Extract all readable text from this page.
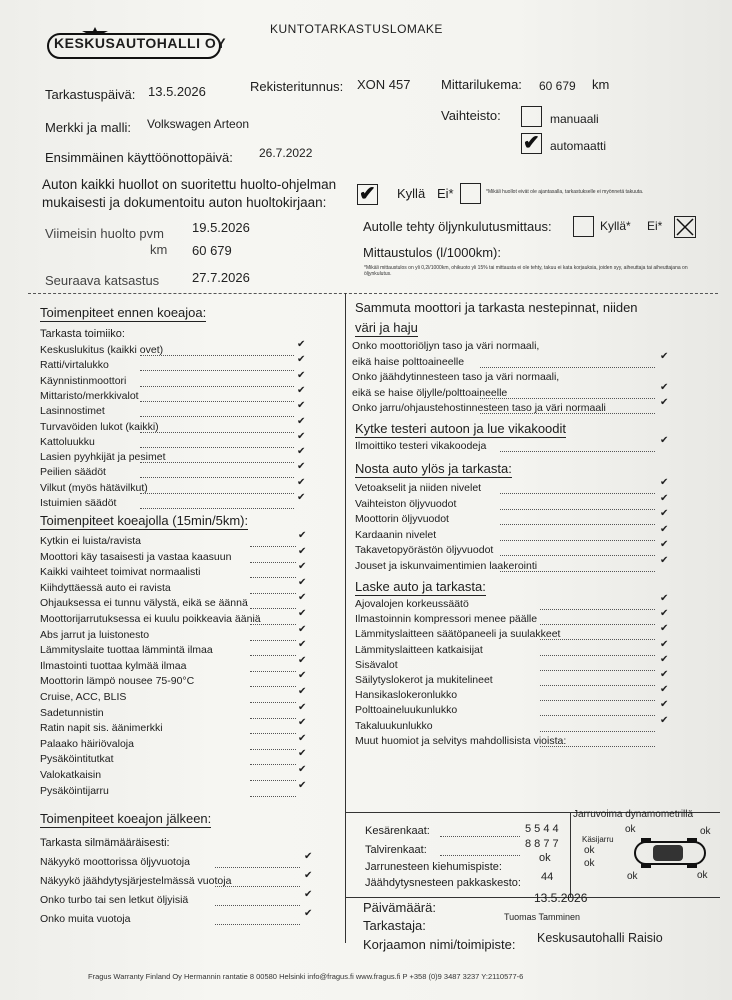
KESKUSAUTOHALLI OY
KUNTOTARKASTUSLOMAKE
Tarkastuspäivä: 13.5.2026	Rekisteritunnus: XON 457 Mittarilukema: 60 679 km
Merkki ja malli: Volkswagen Arteon
Vaihteisto:	manuaali
✔ automaatti
Ensimmäinen käyttöönottopäivä: 26.7.2022
Auton kaikki huollot on suoritettu huolto-ohjelman
mukaisesti ja dokumentoitu auton huoltokirjaan: ✔ Kyllä Ei*	*Mikäli huollot eivät ole ajantasalla, tarkastukselle ei myönnetä takuuta.
Viimeisin huolto pvm 19.5.2026
km 60 679
Autolle tehty öljynkulutusmittaus:	Kyllä* Ei*
Mittaustulos (l/1000km):
*Mikäli mittaustulos on yli 0,2l/1000km, ohikuoto yli 15% tai mittausta ei ole tehty, takuu ei kata korjauksia, joiden syy, aiheuttaja tai aiheuttajana on öljynkulutus.
Seuraava katsastus	27.7.2026
Toimenpiteet ennen koeajoa:
Tarkasta toimiiko:
Keskuslukitus (kaikki ovet)	✔
Ratti/virtalukko	✔
Käynnistinmoottori	✔
Mittaristo/merkkivalot	✔
Lasinnostimet	✔
Turvavöiden lukot (kaikki)	✔
Kattoluukku	✔
Lasien pyyhkijät ja pesimet	✔
Peilien säädöt	✔
Vilkut (myös hätävilkut)	✔
Istuimien säädöt	✔
Toimenpiteet koeajolla (15min/5km):
Kytkin ei luista/ravista	✔
Moottori käy tasaisesti ja vastaa kaasuun	✔
Kaikki vaihteet toimivat normaalisti	✔
Kiihdyttäessä auto ei ravista	✔
Ohjauksessa ei tunnu välystä, eikä se äännä	✔
Moottorijarrutuksessa ei kuulu poikkeavia ääniä	✔
Abs jarrut ja luistonesto	✔
Lämmityslaite tuottaa lämmintä ilmaa	✔
Ilmastointi tuottaa kylmää ilmaa	✔
Moottorin lämpö nousee 75-90°C	✔
Cruise, ACC, BLIS	✔
Sadetunnistin	✔
Ratin napit sis. äänimerkki	✔
Palaako häiriövaloja	✔
Pysäköintitutkat	✔
Valokatkaisin	✔
Pysäköintijarru	✔
Toimenpiteet koeajon jälkeen:
Tarkasta silmämääräisesti:
Näkyykö moottorissa öljyvuotoja	✔
Näkyykö jäähdytysjärjestelmässä vuotoja	✔
Onko turbo tai sen letkut öljyisiä	✔
Onko muita vuotoja	✔
Sammuta moottori ja tarkasta nestepinnat, niiden
väri ja haju
Onko moottoriöljyn taso ja väri normaali,
eikä haise polttoaineelle	✔
Onko jäähdytinnesteen taso ja väri normaali,
eikä se haise öljylle/polttoaineelle	✔
Onko jarru/ohjaustehostinnesteen taso ja väri normaali	✔
Kytke testeri autoon ja lue vikakoodit
Ilmoittiko testeri vikakoodeja	✔
Nosta auto ylös ja tarkasta:
Vetoakselit ja niiden nivelet	✔
Vaihteiston öljyvuodot	✔
Moottorin öljyvuodot	✔
Kardaanin nivelet	✔
Takavetopyörästön öljyvuodot	✔
Jouset ja iskunvaimentimien laakerointi	✔
Laske auto ja tarkasta:
Ajovalojen korkeussäätö	✔
Ilmastoinnin kompressori menee päälle	✔
Lämmityslaitteen säätöpaneeli ja suulakkeet	✔
Lämmityslaitteen katkaisijat	✔
Sisävalot	✔
Säilytyslokerot ja mukitelineet	✔
Hansikaslokeronlukko	✔
Polttoaineluukunlukko	✔
Takaluukunlukko	✔
Muut huomiot ja selvitys mahdollisista vioista:
Kesärenkaat:	5 5 4 4
Talvirenkaat:	8 8 7 7
Jarrunesteen kiehumispiste:
ok
Jäähdytysnesteen pakkaskesto: 44
Jarruvoima dynamometrillä
ok	ok
Käsijarru
ok
ok
ok	ok
Päivämäärä:
13.5.2026
Tarkastaja:
Tuomas Tamminen
Korjaamon nimi/toimipiste: Keskusautohalli Raisio
Fragus Warranty Finland Oy Hermannin rantatie 8 00580 Helsinki info@fragus.fi www.fragus.fi P +358 (0)9 3487 3237 Y:2110577-6
